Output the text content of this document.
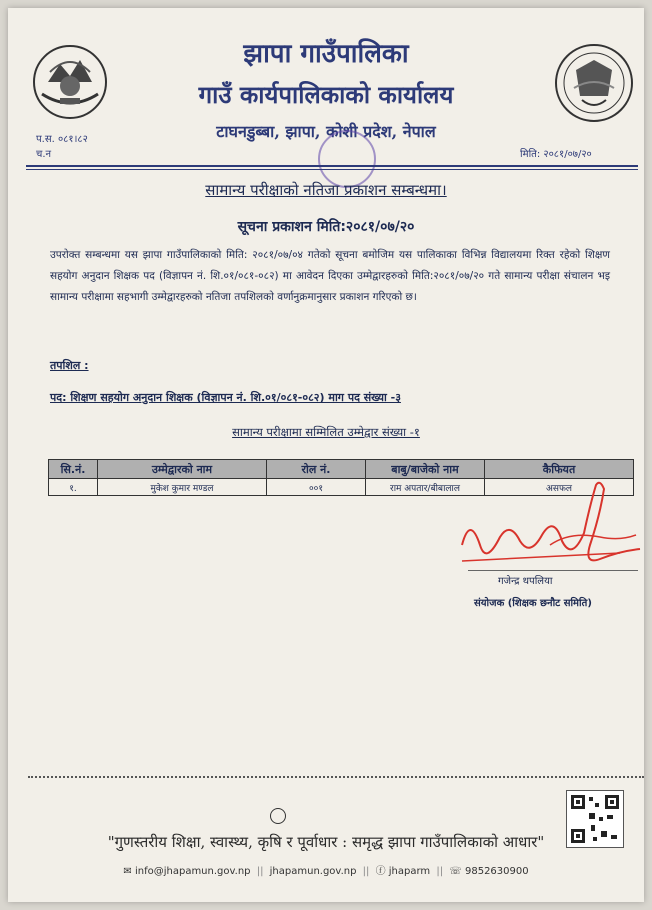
झापा गाउँपालिका
गाउँ कार्यपालिकाको कार्यालय
टाघनडुब्बा, झापा, कोशी प्रदेश, नेपाल
प.स. ०८१।८२
च.न	मिति: २०८१/०७/२०
सामान्य परीक्षाको नतिजा प्रकाशन सम्बन्धमा।
सूचना प्रकाशन मिति:२०८१/०७/२०
उपरोक्त सम्बन्धमा यस झापा गाउँपालिकाको मिति: २०८१/०७/०४ गतेको सूचना बमोजिम यस पालिकाका विभिन्न विद्यालयमा रिक्त रहेको शिक्षण सहयोग अनुदान शिक्षक पद (विज्ञापन नं. शि.०१/०८१-०८२) मा आवेदन दिएका उम्मेद्वारहरुको मिति:२०८१/०७/२० गते सामान्य परीक्षा संचालन भइ सामान्य परीक्षामा सहभागी उम्मेद्वारहरुको नतिजा तपशिलको वर्णानुक्रमानुसार प्रकाशन गरिएको छ।
तपशिल :
पद: शिक्षण सहयोग अनुदान शिक्षक (विज्ञापन नं. शि.०१/०८१-०८२) माग पद संख्या -३
सामान्य परीक्षामा सम्मिलित उम्मेद्वार संख्या -१
सि.नं.	उम्मेद्वारको नाम	रोल नं.	बाबु/बाजेको नाम	कैफियत
१.	मुकेश कुमार मण्डल	००१	राम अपतार/बीबालाल	असफल
गजेन्द्र थपलिया
संयोजक (शिक्षक छनौट समिति)
"गुणस्तरीय शिक्षा, स्वास्थ्य, कृषि र पूर्वाधार : समृद्ध झापा गाउँपालिकाको आधार"
✉ info@jhapamun.gov.np || jhapamun.gov.np || ⓕ jhaparm || ☏ 9852630900
